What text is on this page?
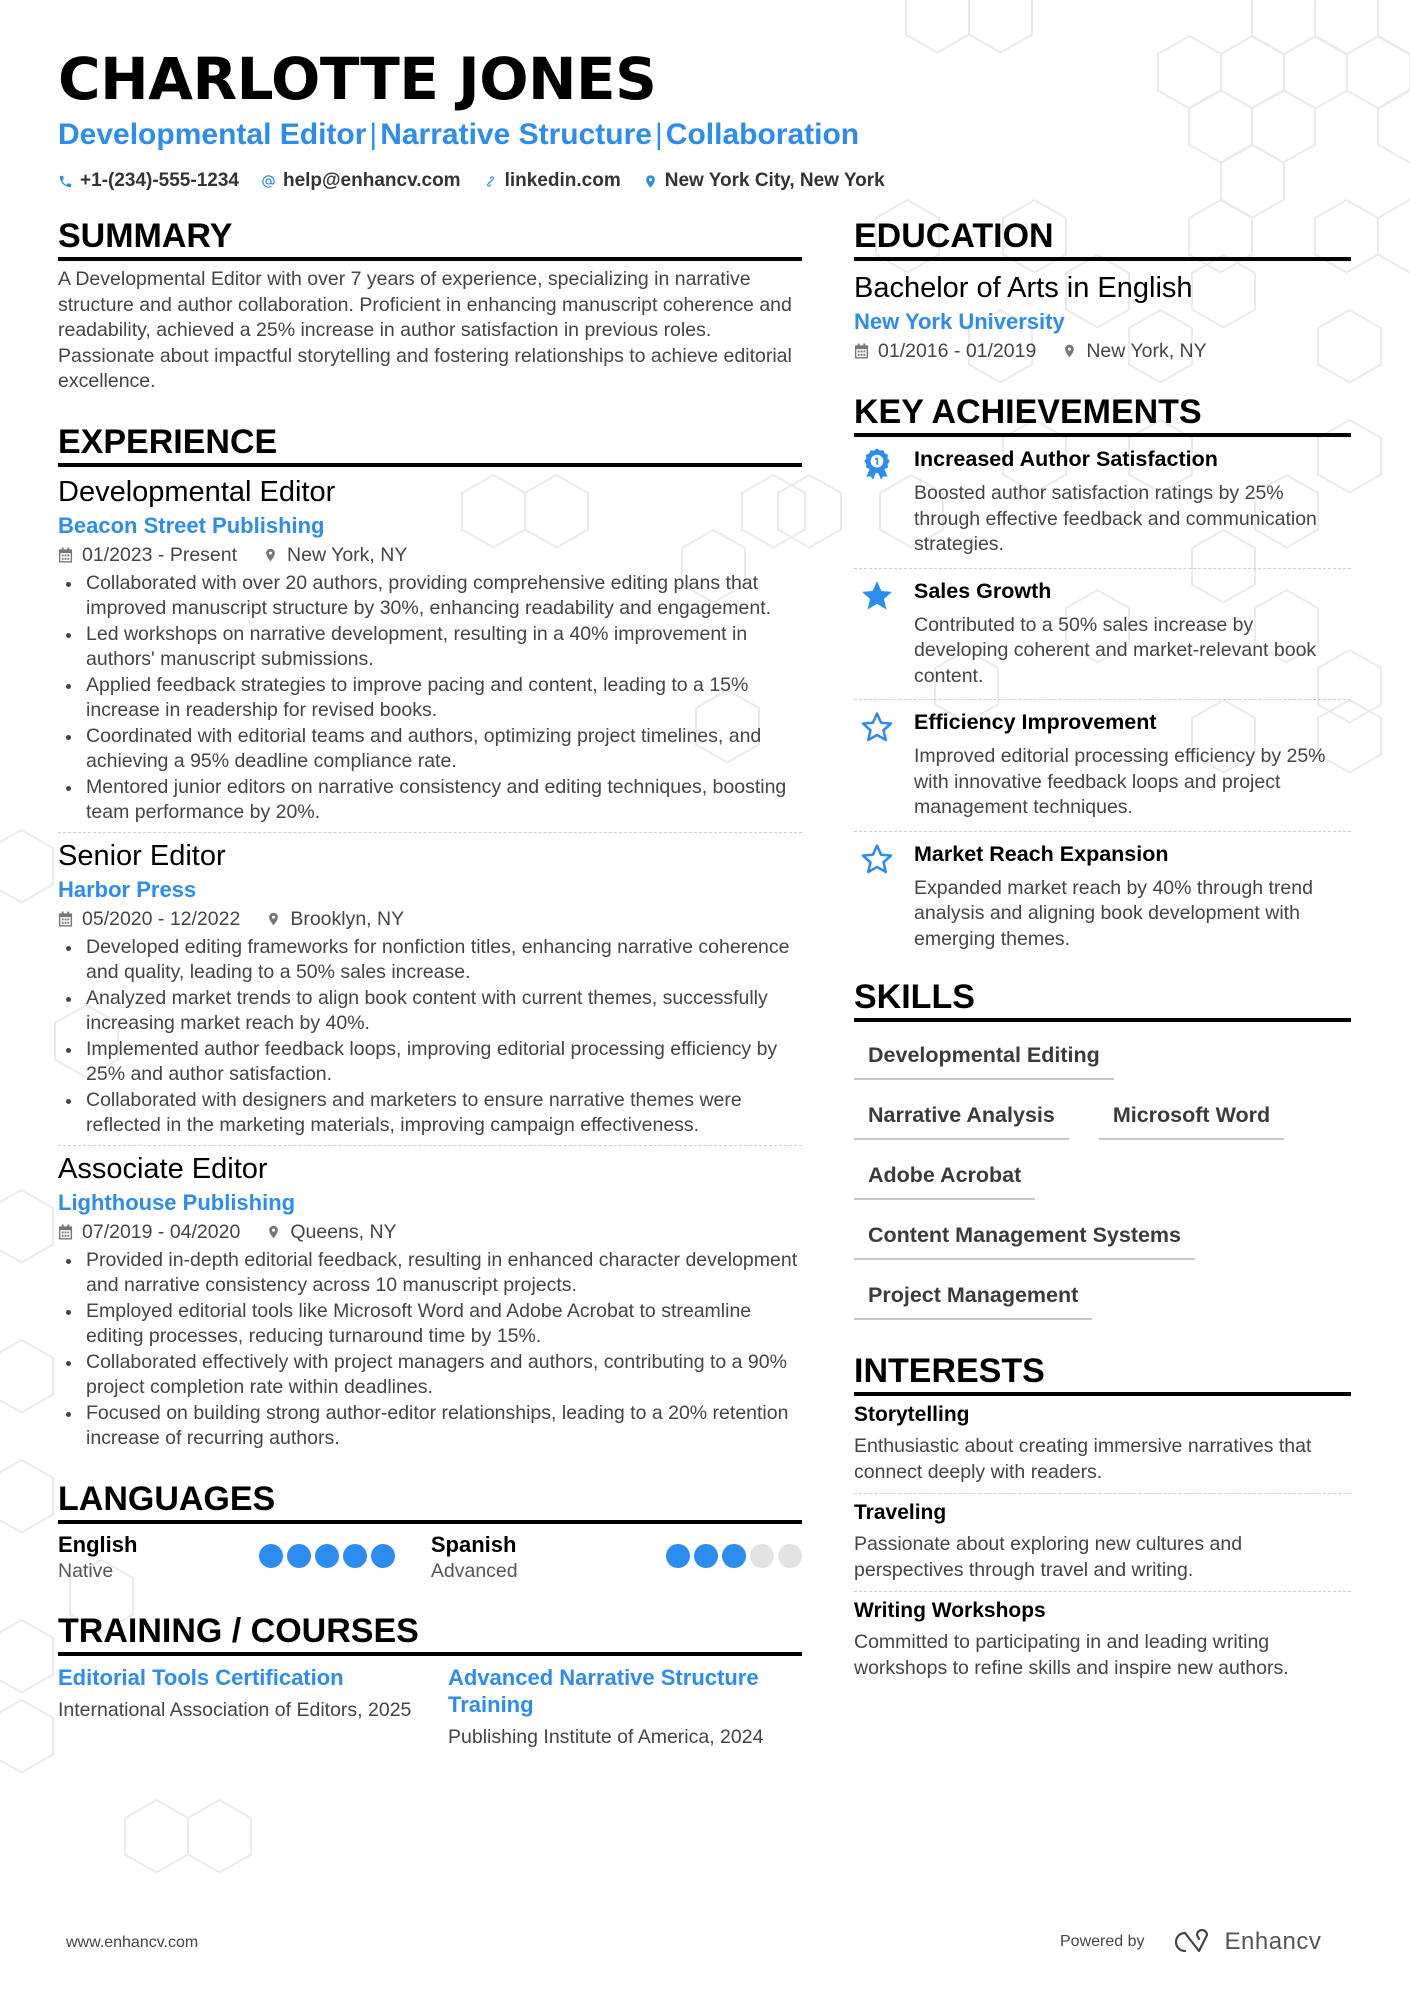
CHARLOTTE JONES
Developmental Editor | Narrative Structure | Collaboration
+1-(234)-555-1234 help@enhancv.com linkedin.com New York City, New York
SUMMARY

A Developmental Editor with over 7 years of experience, specializing in narrative structure and author collaboration. Proficient in enhancing manuscript coherence and readability, achieved a 25% increase in author satisfaction in previous roles. Passionate about impactful storytelling and fostering relationships to achieve editorial excellence.

EXPERIENCE
Developmental Editor
Beacon Street Publishing
01/2023 - Present	New York, NY
Collaborated with over 20 authors, providing comprehensive editing plans that improved manuscript structure by 30%, enhancing readability and engagement.
Led workshops on narrative development, resulting in a 40% improvement in authors' manuscript submissions.
Applied feedback strategies to improve pacing and content, leading to a 15% increase in readership for revised books.
Coordinated with editorial teams and authors, optimizing project timelines, and achieving a 95% deadline compliance rate.
Mentored junior editors on narrative consistency and editing techniques, boosting team performance by 20%.
Senior Editor
Harbor Press
05/2020 - 12/2022	Brooklyn, NY
Developed editing frameworks for nonfiction titles, enhancing narrative coherence and quality, leading to a 50% sales increase.
Analyzed market trends to align book content with current themes, successfully increasing market reach by 40%.
Implemented author feedback loops, improving editorial processing efficiency by 25% and author satisfaction.
Collaborated with designers and marketers to ensure narrative themes were reflected in the marketing materials, improving campaign effectiveness.
Associate Editor
Lighthouse Publishing
07/2019 - 04/2020	Queens, NY
Provided in-depth editorial feedback, resulting in enhanced character development and narrative consistency across 10 manuscript projects.
Employed editorial tools like Microsoft Word and Adobe Acrobat to streamline editing processes, reducing turnaround time by 15%.
Collaborated effectively with project managers and authors, contributing to a 90% project completion rate within deadlines.
Focused on building strong author-editor relationships, leading to a 20% retention increase of recurring authors.
LANGUAGES
English
Native
Spanish
Advanced
TRAINING / COURSES
Editorial Tools Certification
International Association of Editors, 2025
Advanced Narrative Structure Training
Publishing Institute of America, 2024
EDUCATION
Bachelor of Arts in English
New York University
01/2016 - 01/2019	New York, NY
KEY ACHIEVEMENTS
Increased Author Satisfaction
Boosted author satisfaction ratings by 25% through effective feedback and communication strategies.
Sales Growth
Contributed to a 50% sales increase by developing coherent and market-relevant book content.
Efficiency Improvement
Improved editorial processing efficiency by 25% with innovative feedback loops and project management techniques.
Market Reach Expansion
Expanded market reach by 40% through trend analysis and aligning book development with emerging themes.
SKILLS
Developmental Editing
Narrative Analysis	Microsoft Word
Adobe Acrobat
Content Management Systems
Project Management
INTERESTS
Storytelling
Enthusiastic about creating immersive narratives that connect deeply with readers.
Traveling
Passionate about exploring new cultures and perspectives through travel and writing.
Writing Workshops
Committed to participating in and leading writing workshops to refine skills and inspire new authors.
www.enhancv.com	Powered by	Enhancv
